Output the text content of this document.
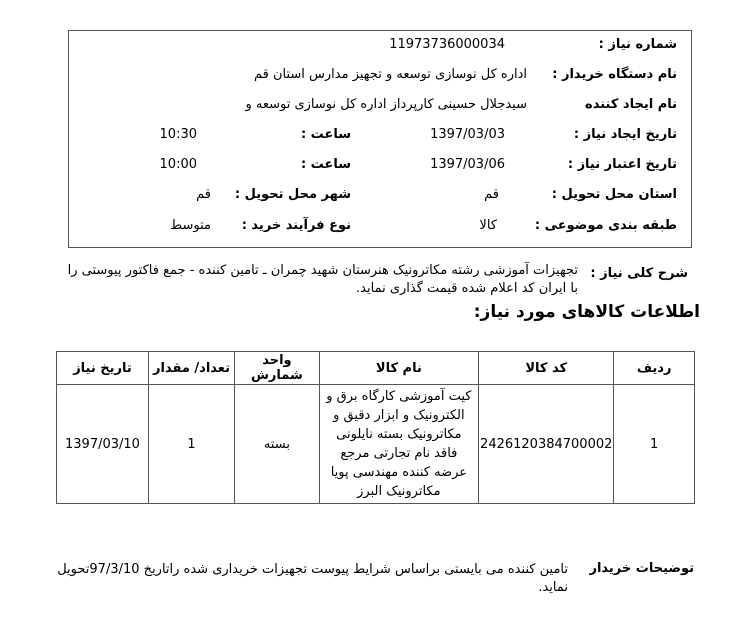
شماره نیاز :
1197373600003‎4
نام دستگاه خریدار :
اداره کل نوسازی توسعه و تجهیز مدارس استان قم
نام ایجاد کننده
سیدجلال حسینی کارپرداز اداره کل نوسازی توسعه و
تاریخ ایجاد نیاز :
1397/03/03
ساعت :
10:30
تاریخ اعتبار نیاز :
1397/03/06
ساعت :
10:00
استان محل تحویل :
قم
شهر محل تحویل :
قم
طبقه بندی موضوعی :
کالا
نوع فرآیند خرید :
متوسط
شرح کلی نیاز :
تجهیزات آموزشی رشته مکاترونیک هنرستان شهید چمران ـ تامین کننده - جمع فاکتور پیوستی را با ایران کد اعلام شده قیمت گذاری نماید.
اطلاعات کالاهای مورد نیاز:
ردیف	کد کالا	نام کالا	واحد شمارش	تعداد/ مقدار	تاریخ نیاز
1	2426120384700002	کیت آموزشی کارگاه برق و الکترونیک و ابزار دقیق و مکاترونیک بسته نایلونی فاقد نام تجارتی مرجع عرضه کننده مهندسی پویا مکاترونیک البرز	بسته	1	1397/03/10
توضیحات خریدار
تامین کننده می بایستی براساس شرایط پیوست تجهیزات خریداری شده راتاریخ 97/3/10تحویل نماید.
